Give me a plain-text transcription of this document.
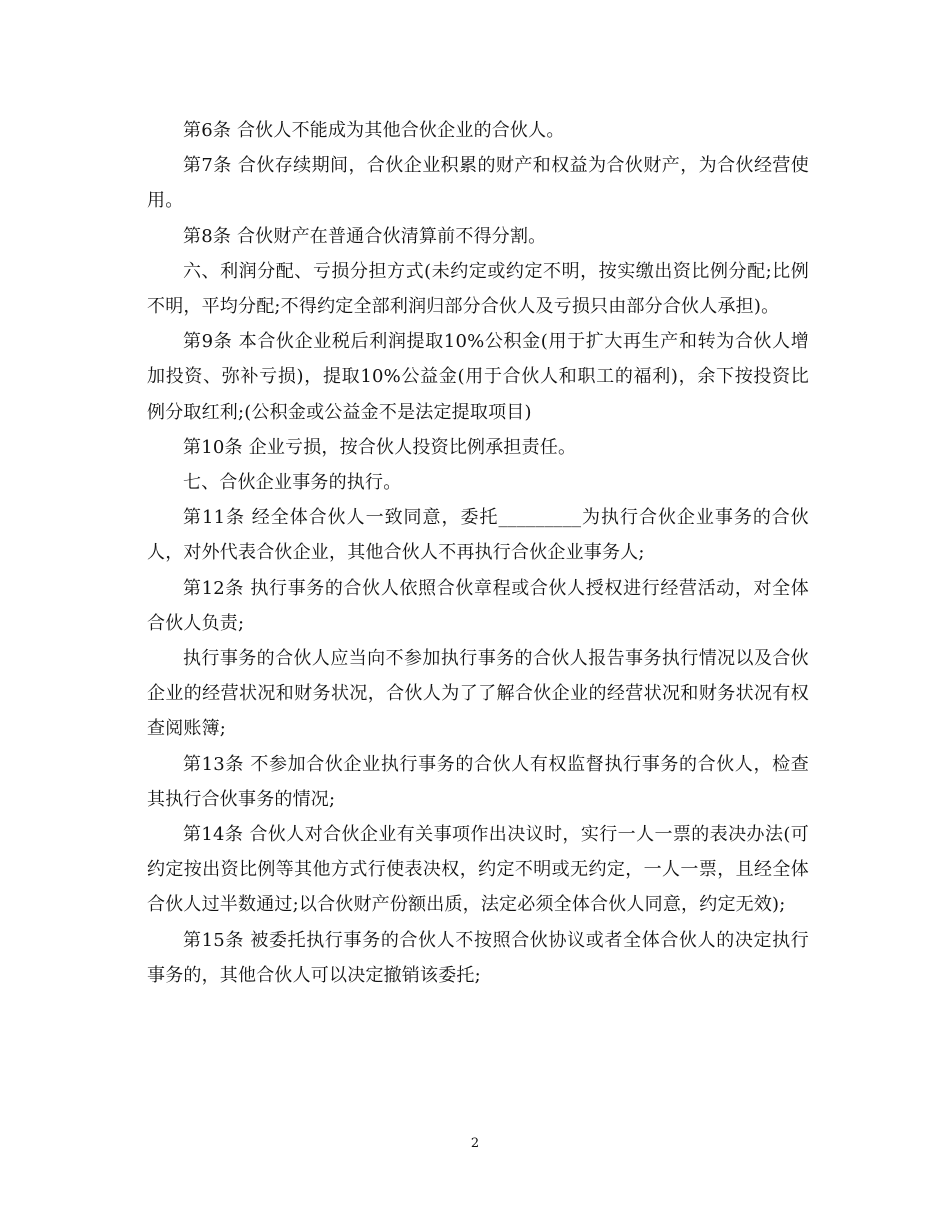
第6条 合伙人不能成为其他合伙企业的合伙人。

第7条 合伙存续期间，合伙企业积累的财产和权益为合伙财产，为合伙经营使用。

第8条 合伙财产在普通合伙清算前不得分割。

六、利润分配、亏损分担方式(未约定或约定不明，按实缴出资比例分配;比例不明，平均分配;不得约定全部利润归部分合伙人及亏损只由部分合伙人承担)。

第9条 本合伙企业税后利润提取10%公积金(用于扩大再生产和转为合伙人增加投资、弥补亏损)，提取10%公益金(用于合伙人和职工的福利)，余下按投资比例分取红利;(公积金或公益金不是法定提取项目)

第10条 企业亏损，按合伙人投资比例承担责任。

七、合伙企业事务的执行。

第11条 经全体合伙人一致同意，委托_________为执行合伙企业事务的合伙人，对外代表合伙企业，其他合伙人不再执行合伙企业事务人;

第12条 执行事务的合伙人依照合伙章程或合伙人授权进行经营活动，对全体合伙人负责;

执行事务的合伙人应当向不参加执行事务的合伙人报告事务执行情况以及合伙企业的经营状况和财务状况，合伙人为了了解合伙企业的经营状况和财务状况有权查阅账簿;

第13条 不参加合伙企业执行事务的合伙人有权监督执行事务的合伙人，检查其执行合伙事务的情况;

第14条 合伙人对合伙企业有关事项作出决议时，实行一人一票的表决办法(可约定按出资比例等其他方式行使表决权，约定不明或无约定，一人一票，且经全体合伙人过半数通过;以合伙财产份额出质，法定必须全体合伙人同意，约定无效);

第15条 被委托执行事务的合伙人不按照合伙协议或者全体合伙人的决定执行事务的，其他合伙人可以决定撤销该委托;

2
